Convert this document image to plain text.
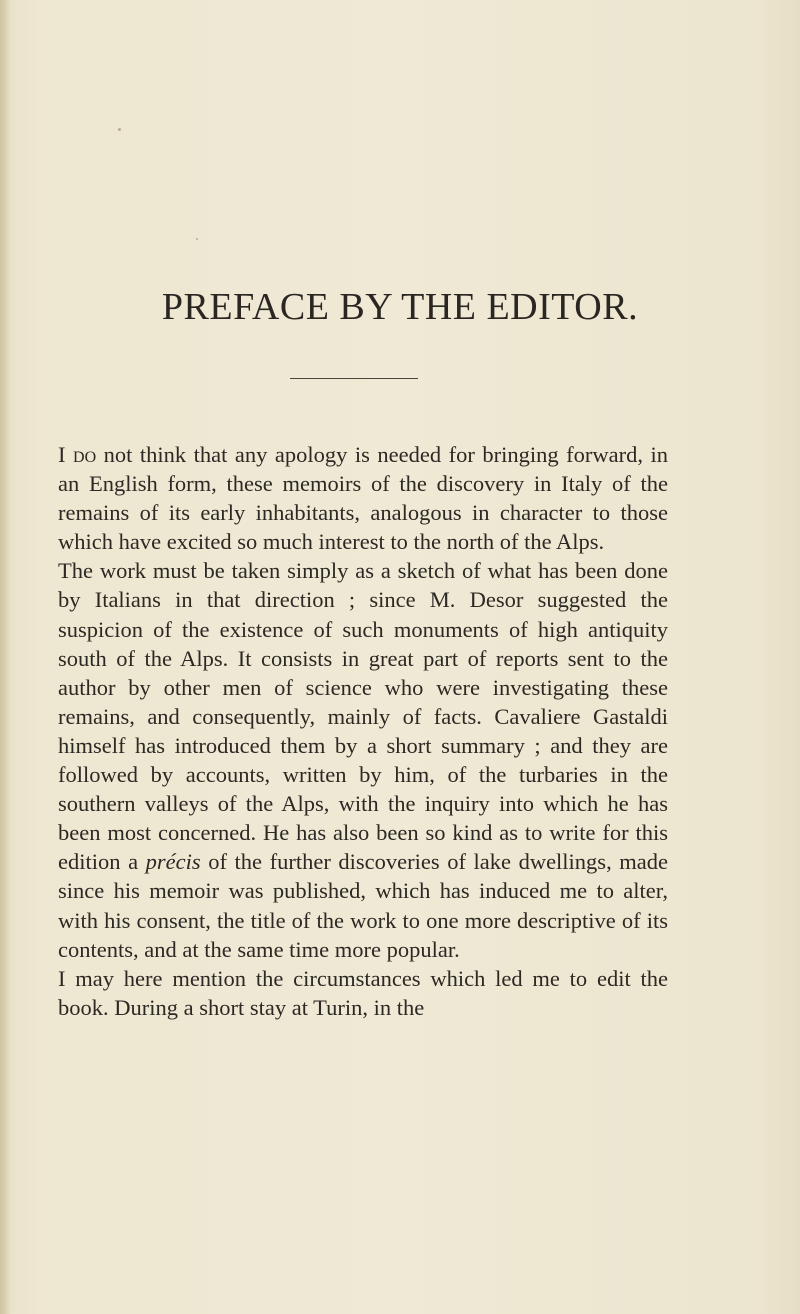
PREFACE BY THE EDITOR.

I do not think that any apology is needed for bringing forward, in an English form, these memoirs of the discovery in Italy of the remains of its early inhabitants, analogous in character to those which have excited so much interest to the north of the Alps.

The work must be taken simply as a sketch of what has been done by Italians in that direction ; since M. Desor suggested the suspicion of the existence of such monuments of high antiquity south of the Alps. It consists in great part of reports sent to the author by other men of science who were investigating these remains, and consequently, mainly of facts. Cavaliere Gastaldi himself has introduced them by a short summary ; and they are followed by accounts, written by him, of the turbaries in the southern valleys of the Alps, with the inquiry into which he has been most concerned. He has also been so kind as to write for this edition a précis of the further discoveries of lake dwellings, made since his memoir was published, which has induced me to alter, with his consent, the title of the work to one more descriptive of its contents, and at the same time more popular.

I may here mention the circumstances which led me to edit the book. During a short stay at Turin, in the
